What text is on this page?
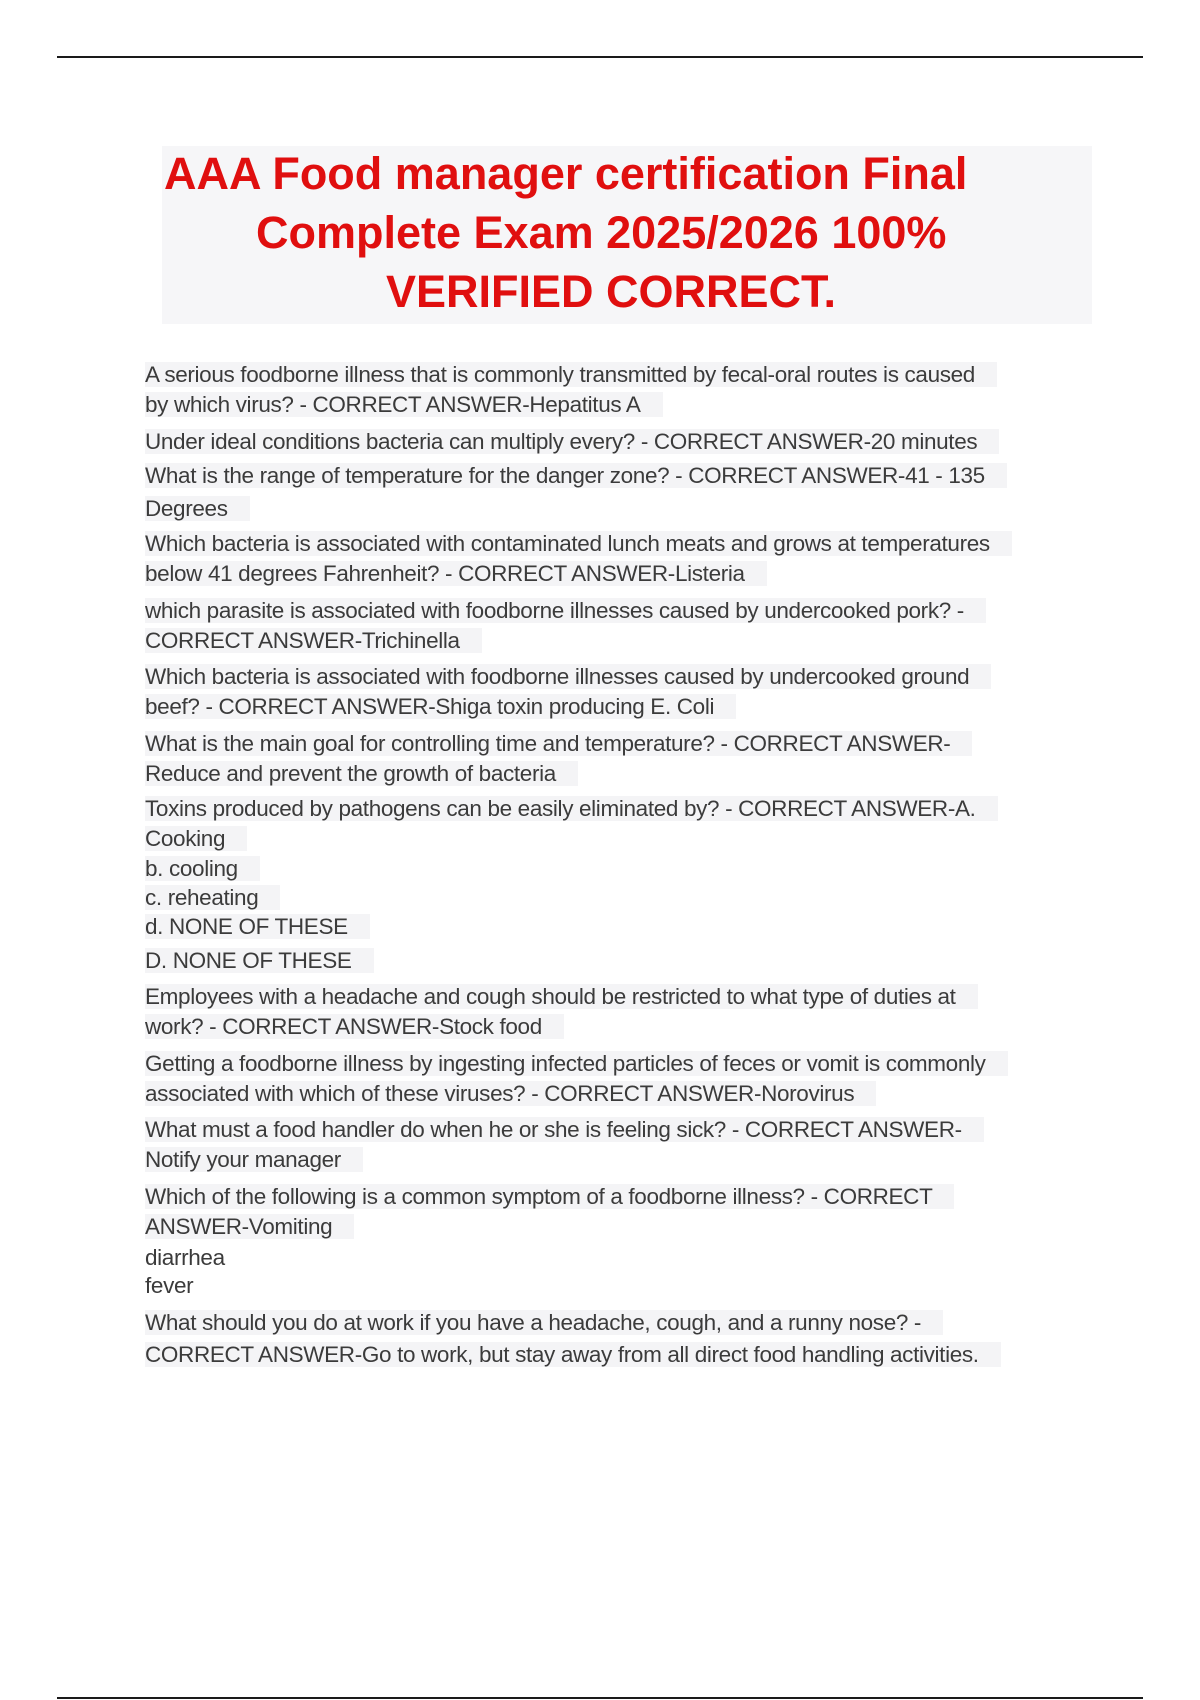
AAA Food manager certification Final
Complete Exam 2025/2026 100%
VERIFIED CORRECT.
A serious foodborne illness that is commonly transmitted by fecal-oral routes is caused
by which virus? - CORRECT ANSWER-Hepatitus A
Under ideal conditions bacteria can multiply every? - CORRECT ANSWER-20 minutes
What is the range of temperature for the danger zone? - CORRECT ANSWER-41 - 135
Degrees
Which bacteria is associated with contaminated lunch meats and grows at temperatures
below 41 degrees Fahrenheit? - CORRECT ANSWER-Listeria
which parasite is associated with foodborne illnesses caused by undercooked pork? -
CORRECT ANSWER-Trichinella
Which bacteria is associated with foodborne illnesses caused by undercooked ground
beef? - CORRECT ANSWER-Shiga toxin producing E. Coli
What is the main goal for controlling time and temperature? - CORRECT ANSWER-
Reduce and prevent the growth of bacteria
Toxins produced by pathogens can be easily eliminated by? - CORRECT ANSWER-A.
Cooking
b. cooling
c. reheating
d. NONE OF THESE
D. NONE OF THESE
Employees with a headache and cough should be restricted to what type of duties at
work? - CORRECT ANSWER-Stock food
Getting a foodborne illness by ingesting infected particles of feces or vomit is commonly
associated with which of these viruses? - CORRECT ANSWER-Norovirus
What must a food handler do when he or she is feeling sick? - CORRECT ANSWER-
Notify your manager
Which of the following is a common symptom of a foodborne illness? - CORRECT
ANSWER-Vomiting
diarrhea
fever
What should you do at work if you have a headache, cough, and a runny nose? -
CORRECT ANSWER-Go to work, but stay away from all direct food handling activities.
